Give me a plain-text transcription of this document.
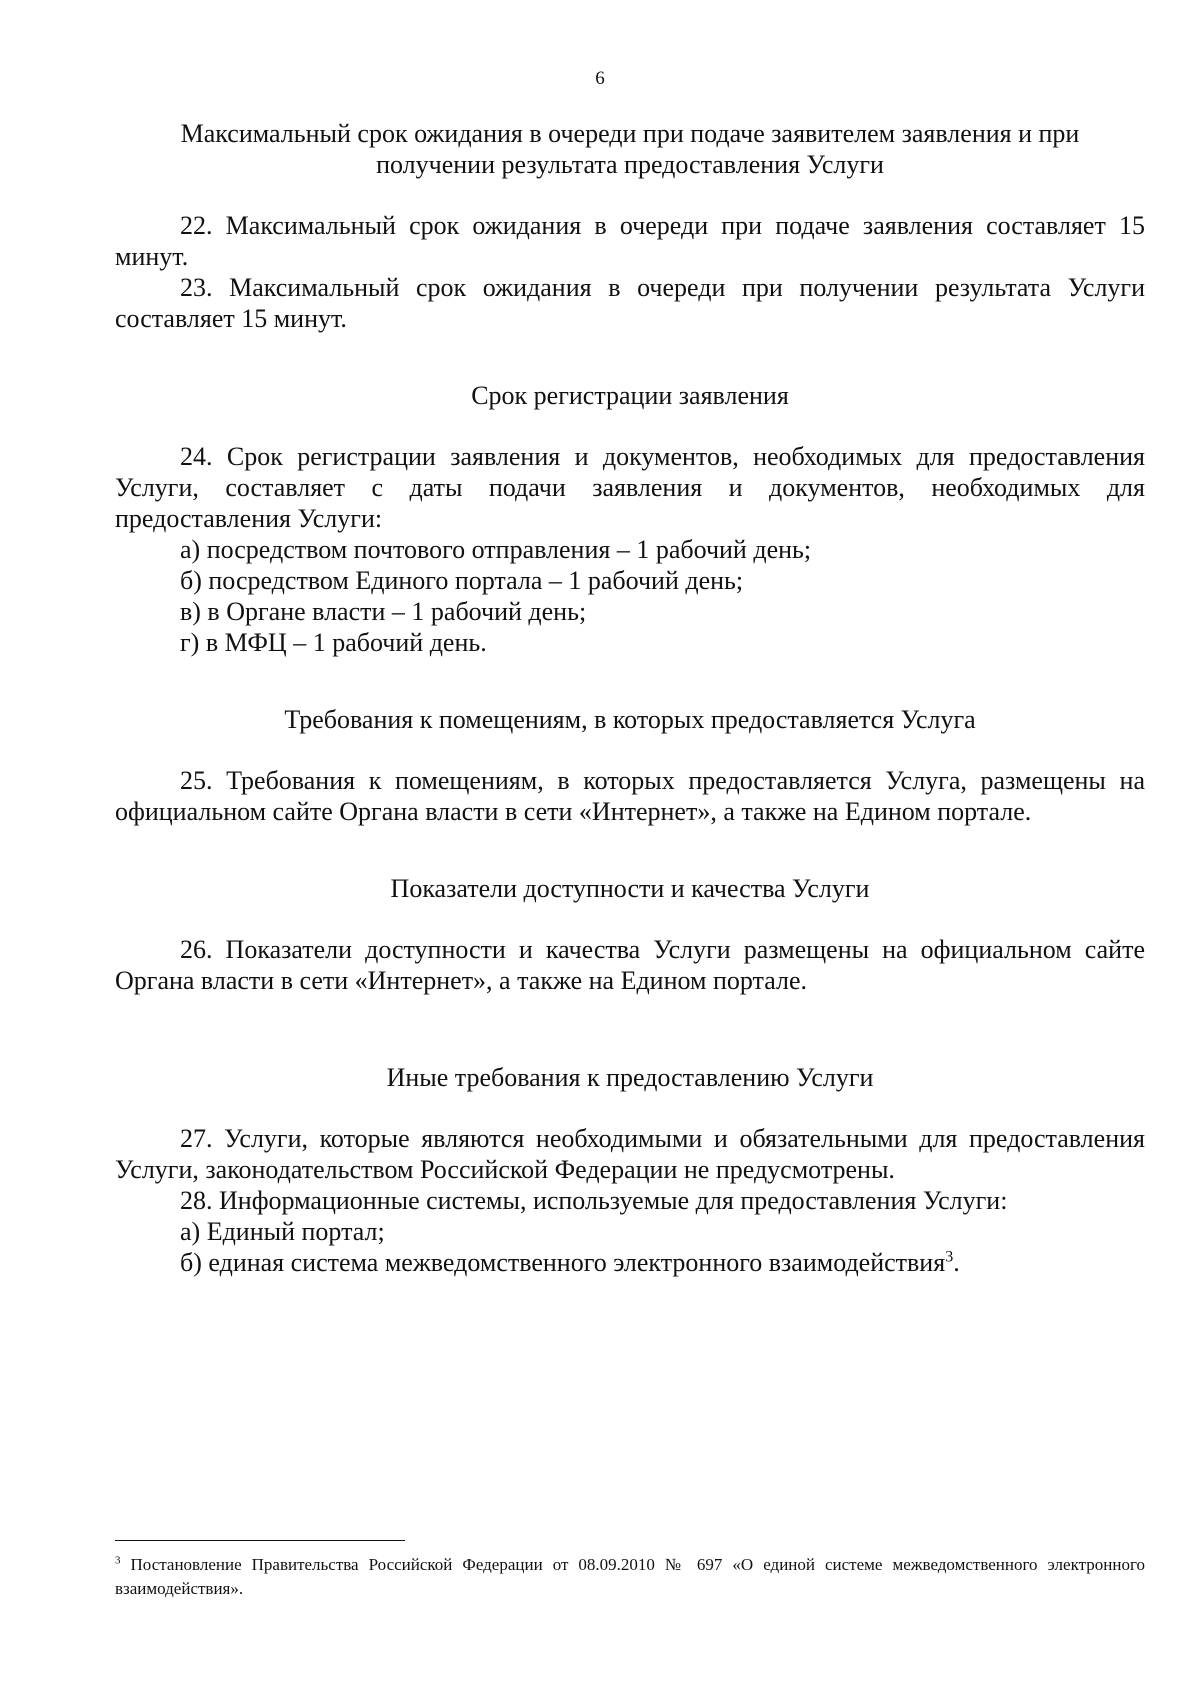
6

Максимальный срок ожидания в очереди при подаче заявителем заявления и при получении результата предоставления Услуги

22. Максимальный срок ожидания в очереди при подаче заявления составляет 15 минут.

23. Максимальный срок ожидания в очереди при получении результата Услуги составляет 15 минут.

Срок регистрации заявления

24. Срок регистрации заявления и документов, необходимых для предоставления Услуги, составляет с даты подачи заявления и документов, необходимых для предоставления Услуги:

а) посредством почтового отправления – 1 рабочий день;

б) посредством Единого портала – 1 рабочий день;

в) в Органе власти – 1 рабочий день;

г) в МФЦ – 1 рабочий день.

Требования к помещениям, в которых предоставляется Услуга

25. Требования к помещениям, в которых предоставляется Услуга, размещены на официальном сайте Органа власти в сети «Интернет», а также на Едином портале.

Показатели доступности и качества Услуги

26. Показатели доступности и качества Услуги размещены на официальном сайте Органа власти в сети «Интернет», а также на Едином портале.

Иные требования к предоставлению Услуги

27. Услуги, которые являются необходимыми и обязательными для предоставления Услуги, законодательством Российской Федерации не предусмотрены.

28. Информационные системы, используемые для предоставления Услуги:

а) Единый портал;

б) единая система межведомственного электронного взаимодействия$^3$.

$^3$ Постановление Правительства Российской Федерации от 08.09.2010 № 697 «О единой системе межведомственного электронного взаимодействия».
